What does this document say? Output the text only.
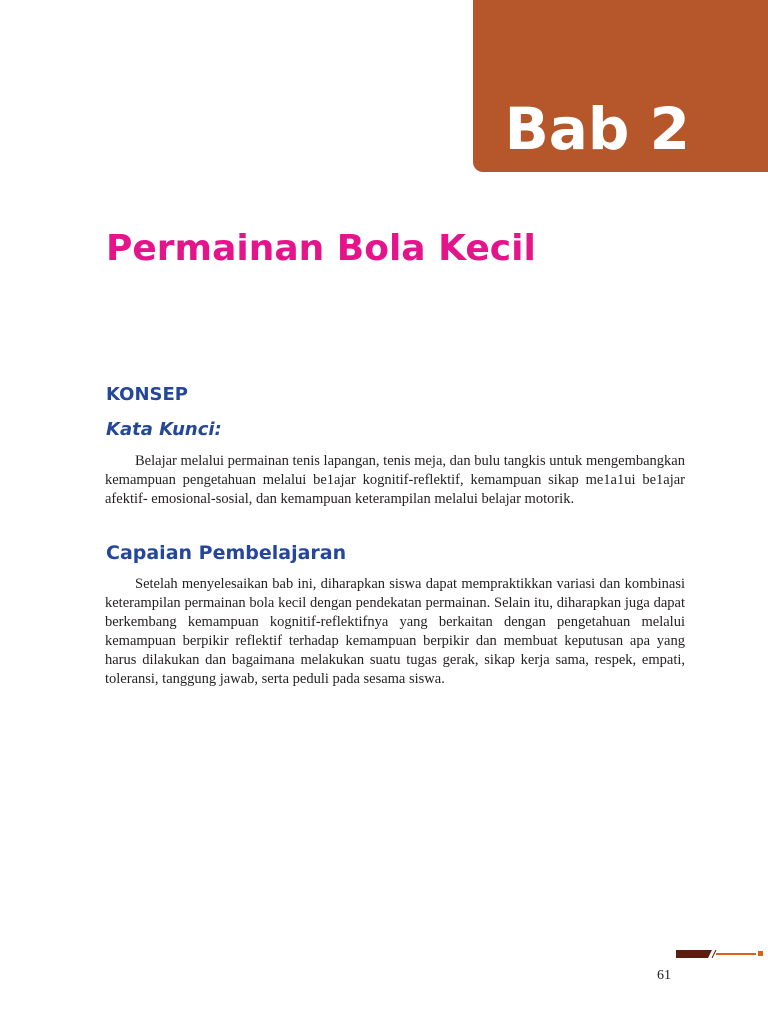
Bab 2
Permainan Bola Kecil
KONSEP
Kata Kunci:

Belajar melalui permainan tenis lapangan, tenis meja, dan bulu tangkis untuk mengembangkan kemampuan pengetahuan melalui be1ajar kognitif-reflektif, kemampuan sikap me1a1ui be1ajar afektif- emosional-sosial, dan kemampuan keterampilan melalui belajar motorik.

Capaian Pembelajaran

Setelah menyelesaikan bab ini, diharapkan siswa dapat mempraktikkan variasi dan kombinasi keterampilan permainan bola kecil dengan pendekatan permainan. Selain itu, diharapkan juga dapat berkembang kemampuan kognitif-reflektifnya yang berkaitan dengan pengetahuan melalui kemampuan berpikir reflektif terhadap kemampuan berpikir dan membuat keputusan apa yang harus dilakukan dan bagaimana melakukan suatu tugas gerak, sikap kerja sama, respek, empati, toleransi, tanggung jawab, serta peduli pada sesama siswa.

61
